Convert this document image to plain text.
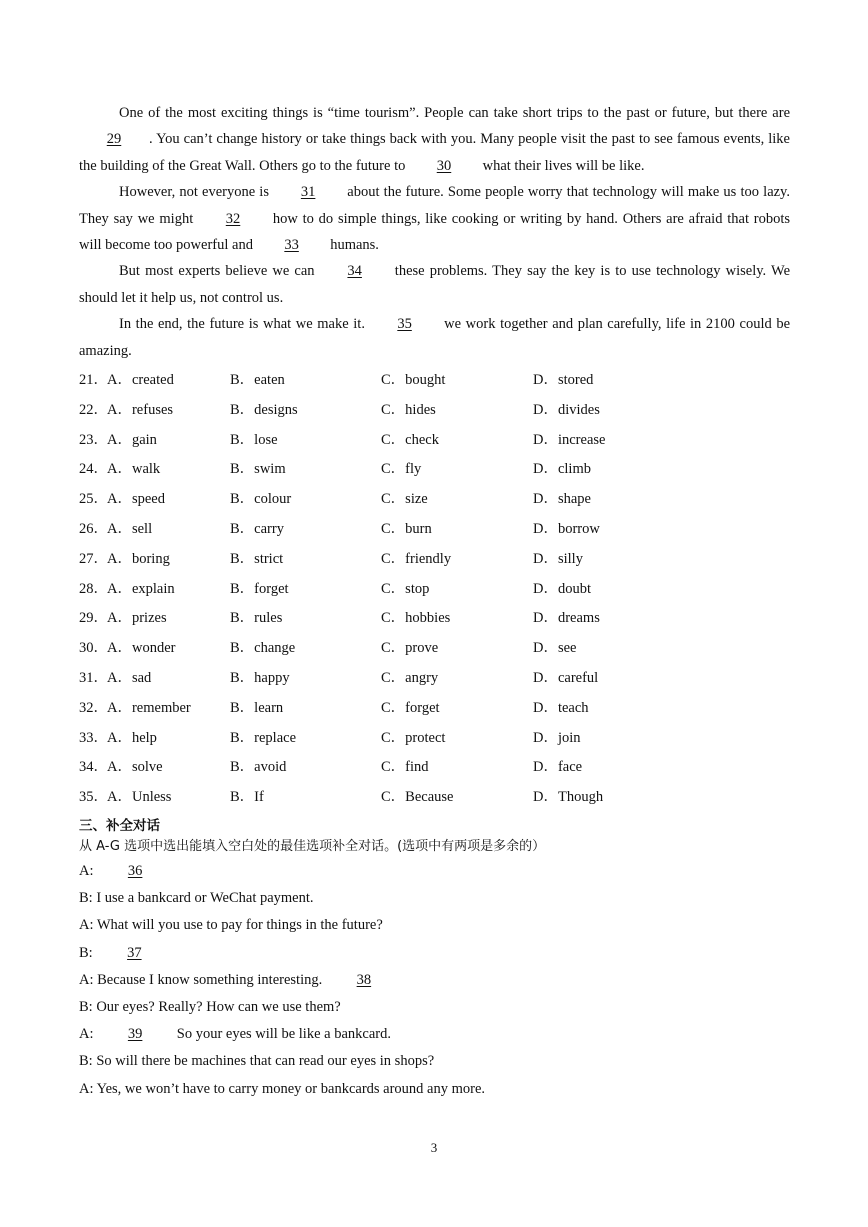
One of the most exciting things is “time tourism”. People can take short trips to the past or future, but there are 29 . You can’t change history or take things back with you. Many people visit the past to see famous events, like the building of the Great Wall. Others go to the future to 30 what their lives will be like.

However, not everyone is 31 about the future. Some people worry that technology will make us too lazy. They say we might 32 how to do simple things, like cooking or writing by hand. Others are afraid that robots will become too powerful and 33 humans.

But most experts believe we can 34 these problems. They say the key is to use technology wisely. We should let it help us, not control us.

In the end, the future is what we make it. 35 we work together and plan carefully, life in 2100 could be amazing.

21． A．created	B．eaten	C．bought	D．stored
22． A．refuses	B．designs	C．hides	D．divides
23． A．gain	B．lose	C．check	D．increase
24． A．walk	B．swim	C．fly	D．climb
25． A．speed	B．colour	C．size	D．shape
26． A．sell	B．carry	C．burn	D．borrow
27． A．boring	B．strict	C．friendly	D．silly
28． A．explain	B．forget	C．stop	D．doubt
29． A．prizes	B．rules	C．hobbies	D．dreams
30． A．wonder	B．change	C．prove	D．see
31． A．sad	B．happy	C．angry	D．careful
32． A．remember	B．learn	C．forget	D．teach
33． A．help	B．replace	C．protect	D．join
34． A．solve	B．avoid	C．find	D．face
35． A．Unless	B．If	C．Because	D．Though
三、补全对话
从 A-G 选项中选出能填入空白处的最佳选项补全对话。(选项中有两项是多余的）

A: 36

B: I use a bankcard or WeChat payment.

A: What will you use to pay for things in the future?

B: 37

A: Because I know something interesting. 38

B: Our eyes? Really? How can we use them?

A: 39 So your eyes will be like a bankcard.

B: So will there be machines that can read our eyes in shops?

A: Yes, we won’t have to carry money or bankcards around any more.

3
